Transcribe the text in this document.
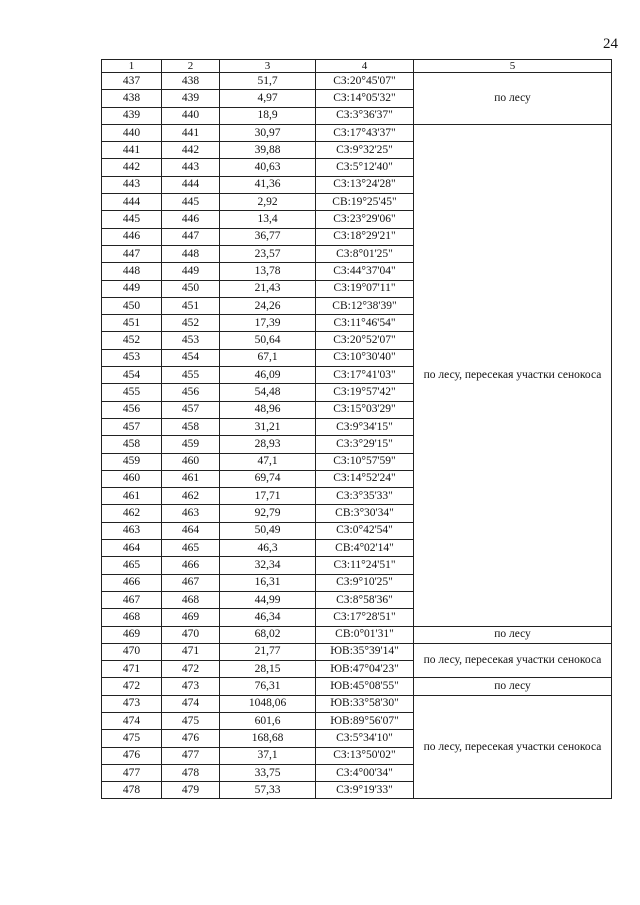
24
1	2	3	4	5
437	438	51,7	СЗ:20°45'07"	по лесу
438	439	4,97	СЗ:14°05'32"	
439	440	18,9	СЗ:3°36'37"	
440	441	30,97	СЗ:17°43'37"	по лесу, пересекая участки сенокоса
441	442	39,88	СЗ:9°32'25"	
442	443	40,63	СЗ:5°12'40"	
443	444	41,36	СЗ:13°24'28"	
444	445	2,92	СВ:19°25'45"	
445	446	13,4	СЗ:23°29'06"	
446	447	36,77	СЗ:18°29'21"	
447	448	23,57	СЗ:8°01'25"	
448	449	13,78	СЗ:44°37'04"	
449	450	21,43	СЗ:19°07'11"	
450	451	24,26	СВ:12°38'39"	
451	452	17,39	СЗ:11°46'54"	
452	453	50,64	СЗ:20°52'07"	
453	454	67,1	СЗ:10°30'40"	
454	455	46,09	СЗ:17°41'03"	
455	456	54,48	СЗ:19°57'42"	
456	457	48,96	СЗ:15°03'29"	
457	458	31,21	СЗ:9°34'15"	
458	459	28,93	СЗ:3°29'15"	
459	460	47,1	СЗ:10°57'59"	
460	461	69,74	СЗ:14°52'24"	
461	462	17,71	СЗ:3°35'33"	
462	463	92,79	СВ:3°30'34"	
463	464	50,49	СЗ:0°42'54"	
464	465	46,3	СВ:4°02'14"	
465	466	32,34	СЗ:11°24'51"	
466	467	16,31	СЗ:9°10'25"	
467	468	44,99	СЗ:8°58'36"	
468	469	46,34	СЗ:17°28'51"	
469	470	68,02	СВ:0°01'31"	по лесу
470	471	21,77	ЮВ:35°39'14"	по лесу, пересекая участки сенокоса
471	472	28,15	ЮВ:47°04'23"	
472	473	76,31	ЮВ:45°08'55"	по лесу
473	474	1048,06	ЮВ:33°58'30"	по лесу, пересекая участки сенокоса
474	475	601,6	ЮВ:89°56'07"	
475	476	168,68	СЗ:5°34'10"	
476	477	37,1	СЗ:13°50'02"	
477	478	33,75	СЗ:4°00'34"	
478	479	57,33	СЗ:9°19'33"	
